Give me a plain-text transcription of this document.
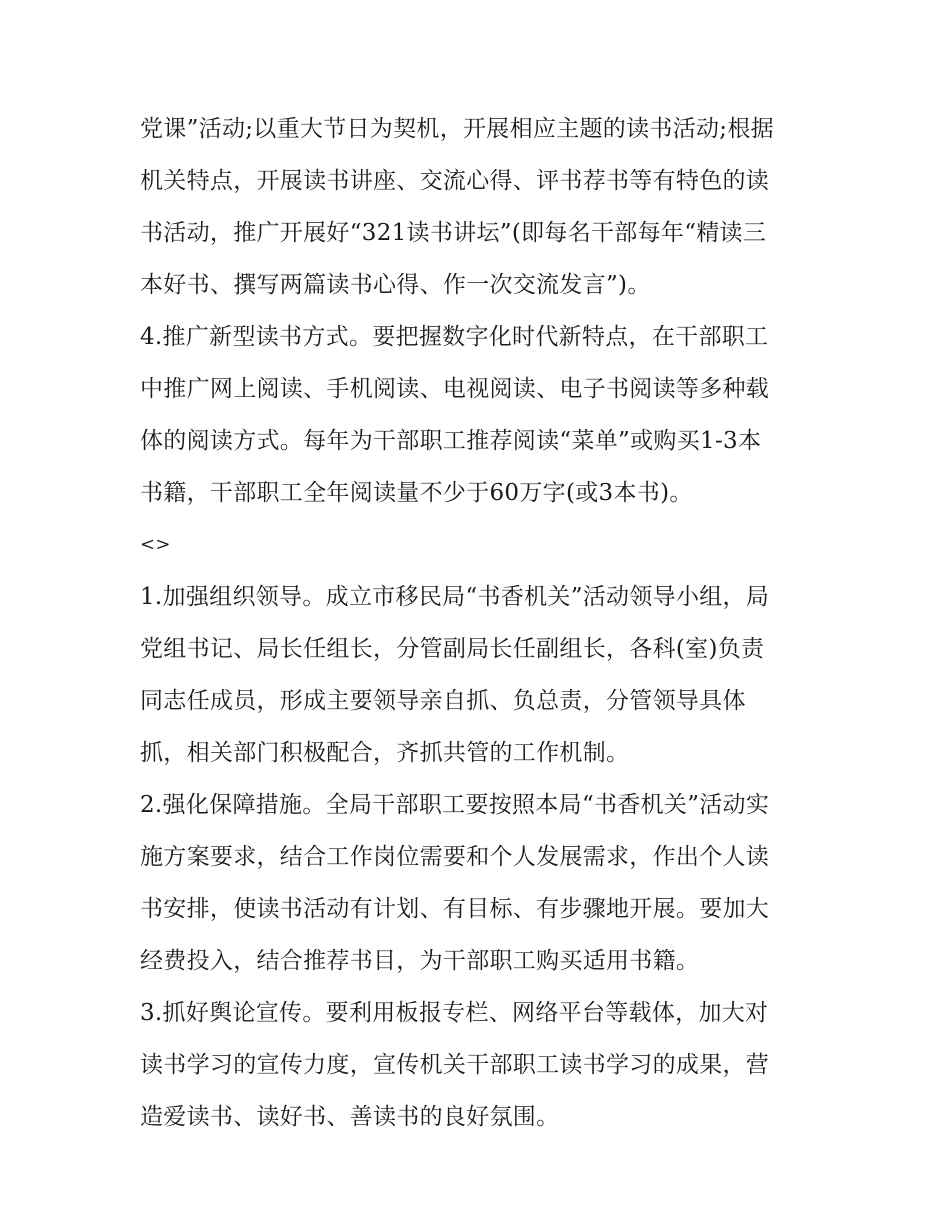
党课”活动;以重大节日为契机，开展相应主题的读书活动;根据
机关特点，开展读书讲座、交流心得、评书荐书等有特色的读
书活动，推广开展好“321读书讲坛”(即每名干部每年“精读三
本好书、撰写两篇读书心得、作一次交流发言”)。
4.推广新型读书方式。要把握数字化时代新特点，在干部职工
中推广网上阅读、手机阅读、电视阅读、电子书阅读等多种载
体的阅读方式。每年为干部职工推荐阅读“菜单”或购买1-3本
书籍，干部职工全年阅读量不少于60万字(或3本书)。
<>
1.加强组织领导。成立市移民局“书香机关”活动领导小组，局
党组书记、局长任组长，分管副局长任副组长，各科(室)负责
同志任成员，形成主要领导亲自抓、负总责，分管领导具体
抓，相关部门积极配合，齐抓共管的工作机制。
2.强化保障措施。全局干部职工要按照本局“书香机关”活动实
施方案要求，结合工作岗位需要和个人发展需求，作出个人读
书安排，使读书活动有计划、有目标、有步骤地开展。要加大
经费投入，结合推荐书目，为干部职工购买适用书籍。
3.抓好舆论宣传。要利用板报专栏、网络平台等载体，加大对
读书学习的宣传力度，宣传机关干部职工读书学习的成果，营
造爱读书、读好书、善读书的良好氛围。
